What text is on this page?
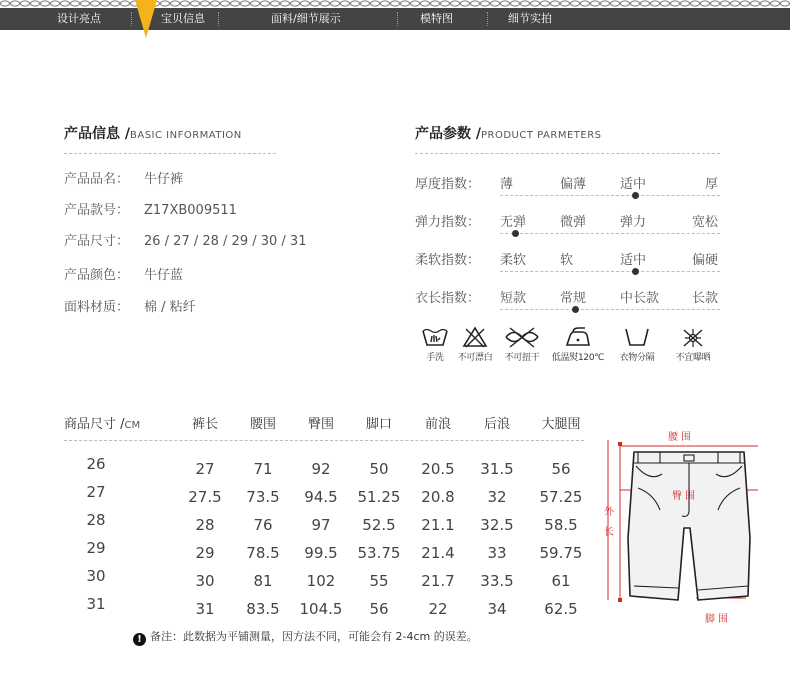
设计亮点	宝贝信息	面料/细节展示	模特图	细节实拍
产品信息 /BASIC INFORMATION
产品品名： 牛仔裤
产品款号： Z17XB009511
产品尺寸： 26 / 27 / 28 / 29 / 30 / 31
产品颜色： 牛仔蓝
面料材质： 棉 / 粘纤
产品参数 /PRODUCT PARMETERS
厚度指数： 薄	偏薄	适中	厚
弹力指数： 无弹	微弹	弹力	宽松
柔软指数： 柔软	软	适中	偏硬
衣长指数： 短款	常规	中长款	长款
手洗	不可漂白	不可扭干	低温熨120℃	衣物分隔	不宜曝晒
商品尺寸 /CM	裤长	腰围	臀围	脚口	前浪	后浪	大腿围
26	27	71	92	50	20.5	31.5	56
27	27.5	73.5	94.5	51.25	20.8	32	57.25
28	28	76	97	52.5	21.1	32.5	58.5
29	29	78.5	99.5	53.75	21.4	33	59.75
30	30	81	102	55	21.7	33.5	61
31	31	83.5	104.5	56	22	34	62.5
! 备注：此数据为平铺测量，因方法不同，可能会有 2-4cm 的误差。
腰围
臀围
外
长
脚围
